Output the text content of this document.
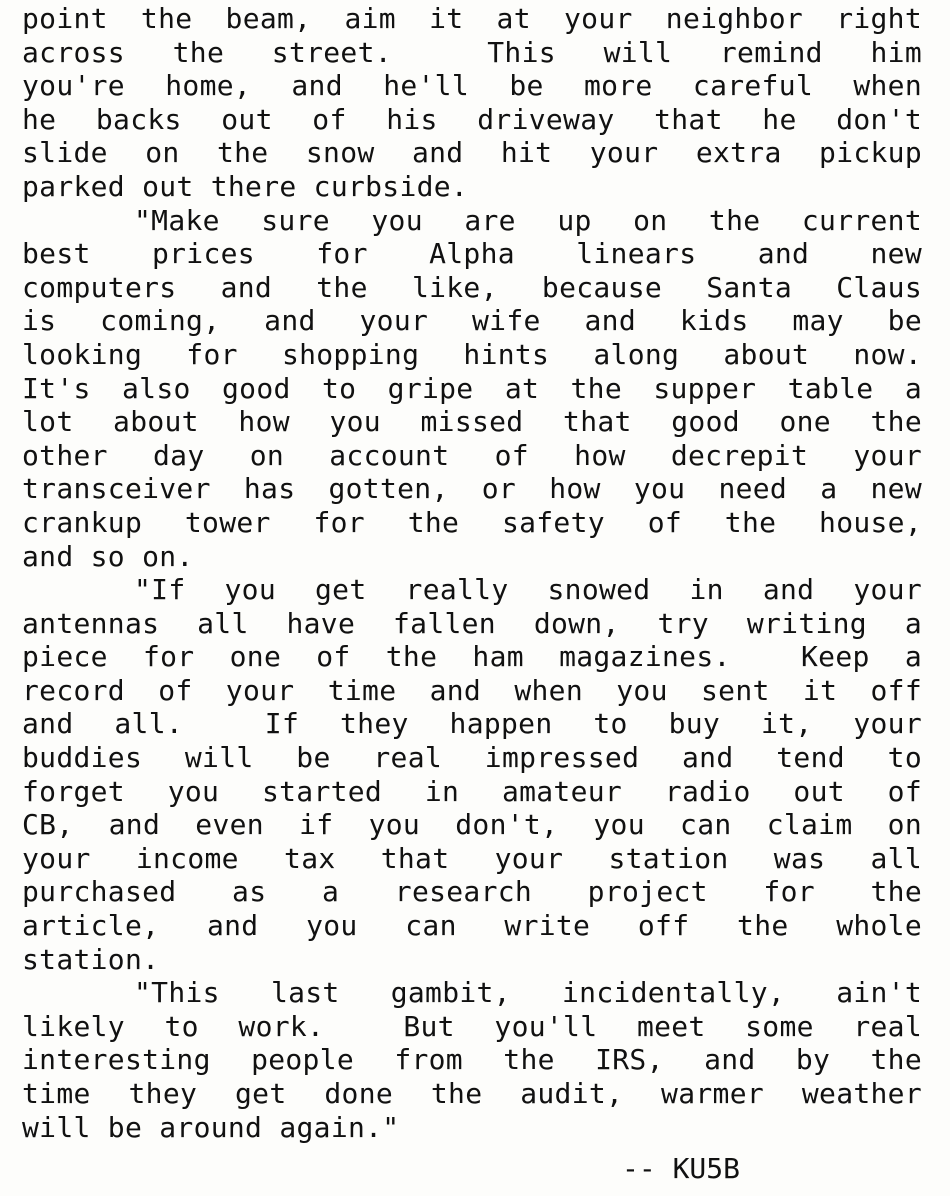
point the beam, aim it at your neighbor right
across the street.  This will remind him
you're home, and he'll be more careful when
he backs out of his driveway that he don't
slide on the snow and hit your extra pickup
parked out there curbside.
"Make sure you are up on the current
best prices for Alpha linears and new
computers and the like, because Santa Claus
is coming, and your wife and kids may be
looking for shopping hints along about now.
It's also good to gripe at the supper table a
lot about how you missed that good one the
other day on account of how decrepit your
transceiver has gotten, or how you need a new
crankup tower for the safety of the house,
and so on.
"If you get really snowed in and your
antennas all have fallen down, try writing a
piece for one of the ham magazines.  Keep a
record of your time and when you sent it off
and all.  If they happen to buy it, your
buddies will be real impressed and tend to
forget you started in amateur radio out of
CB, and even if you don't, you can claim on
your income tax that your station was all
purchased as a research project for the
article, and you can write off the whole
station.
"This last gambit, incidentally, ain't
likely to work.  But you'll meet some real
interesting people from the IRS, and by the
time they get done the audit, warmer weather
will be around again."
-- KU5B
